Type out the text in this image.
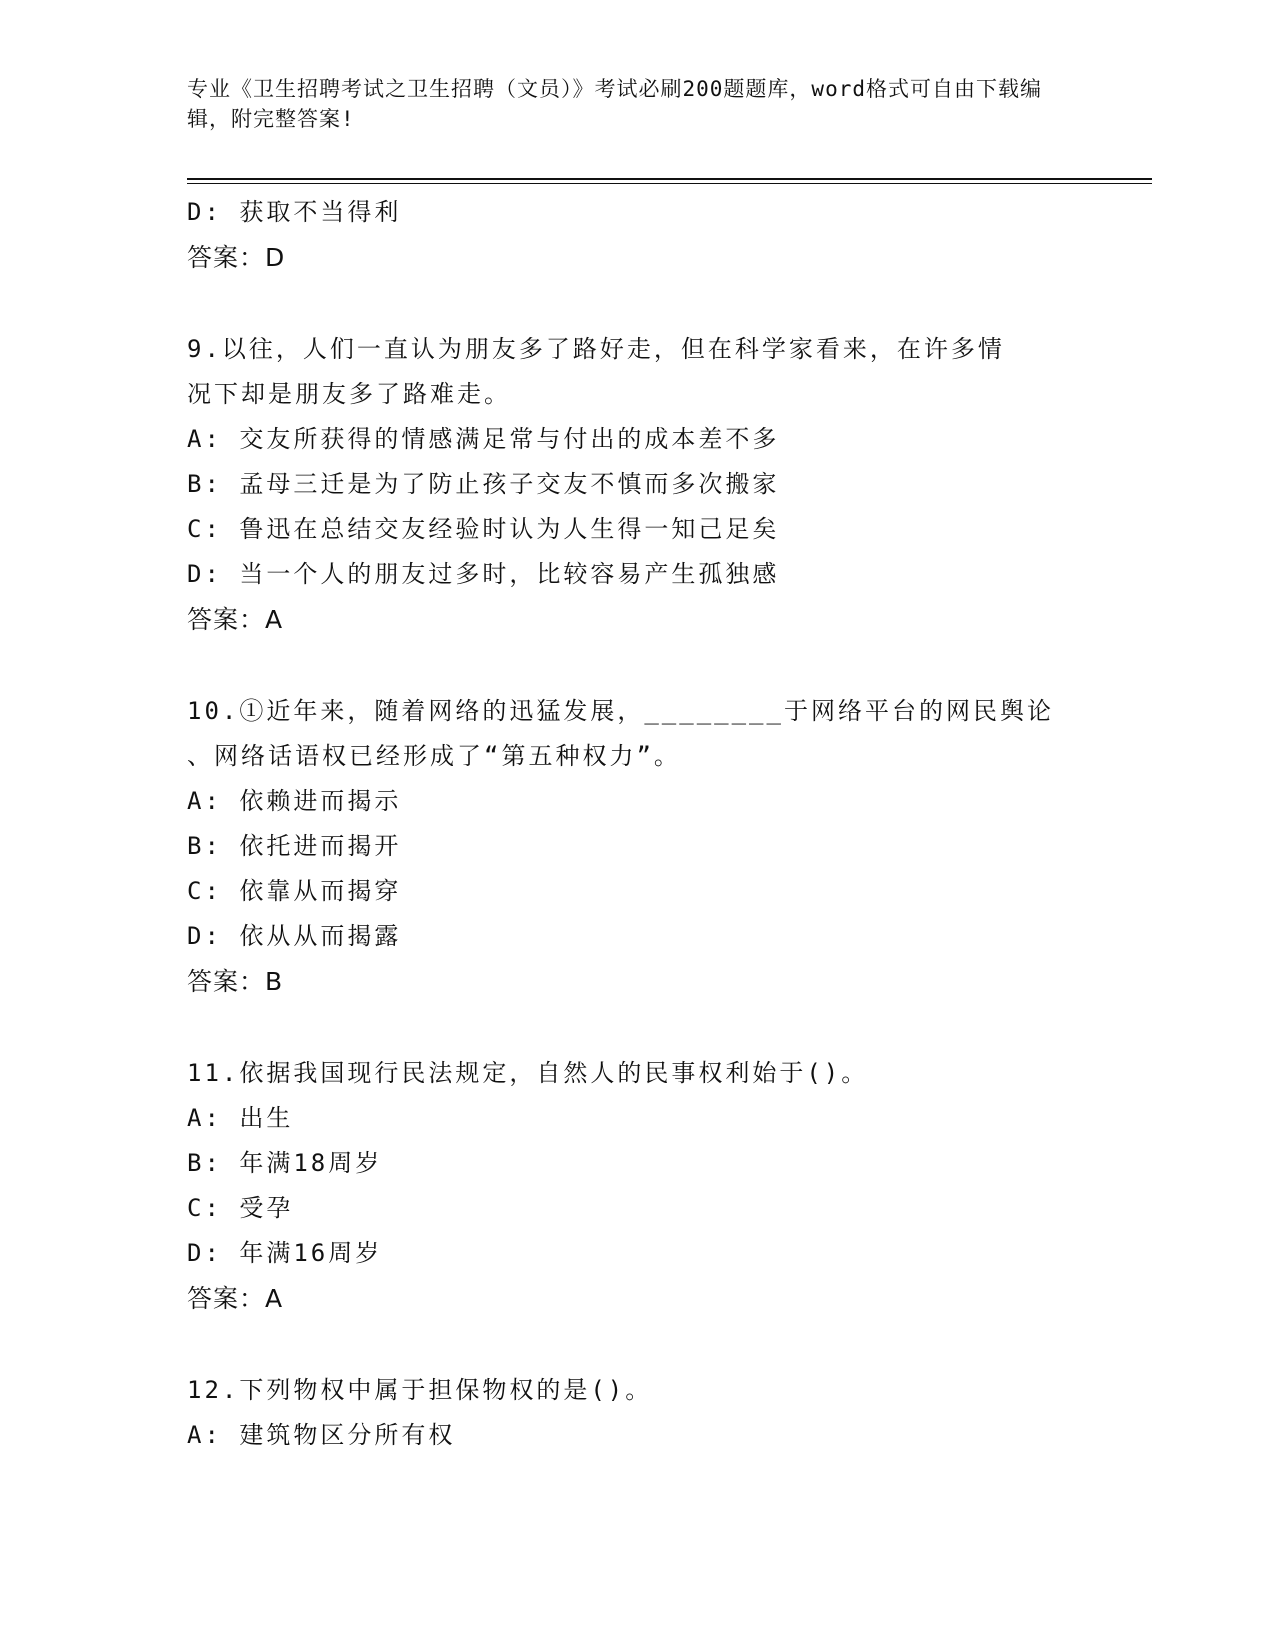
专业《卫生招聘考试之卫生招聘（文员）》考试必刷200题题库，word格式可自由下载编辑，附完整答案!
D: 获取不当得利
答案：D
9.以往，人们一直认为朋友多了路好走，但在科学家看来，在许多情
况下却是朋友多了路难走。
A: 交友所获得的情感满足常与付出的成本差不多
B: 孟母三迁是为了防止孩子交友不慎而多次搬家
C: 鲁迅在总结交友经验时认为人生得一知己足矣
D: 当一个人的朋友过多时，比较容易产生孤独感
答案：A
10.①近年来，随着网络的迅猛发展，________于网络平台的网民舆论
、网络话语权已经形成了“第五种权力”。
A: 依赖进而揭示
B: 依托进而揭开
C: 依靠从而揭穿
D: 依从从而揭露
答案：B
11.依据我国现行民法规定，自然人的民事权利始于()。
A: 出生
B: 年满18周岁
C: 受孕
D: 年满16周岁
答案：A
12.下列物权中属于担保物权的是()。
A: 建筑物区分所有权
